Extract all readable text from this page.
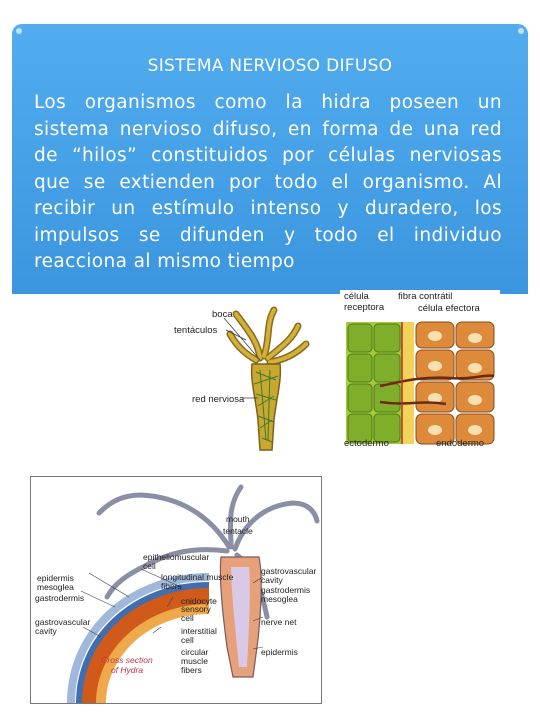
SISTEMA NERVIOSO DIFUSO
Los organismos como la hidra poseen un sistema nervioso difuso, en forma de una red de “hilos” constituidos por células nerviosas que se extienden por todo el organismo. Al recibir un estímulo intenso y duradero, los impulsos se difunden y todo el individuo reacciona al mismo tiempo
boca
tentáculos
red nerviosa
célula receptora
fibra contrátil
célula efectora
ectodermo	endodermo
mouth
tentacle
epitheliomuscular cell
longitudinal muscle fibers
cnidocyte
sensory cell
interstitial cell
circular muscle fibers
epidermis
mesoglea
gastrodermis
gastrovascular cavity
gastrovascular cavity
gastrodermis
mesoglea
nerve net
epidermis
Cross section of Hydra
